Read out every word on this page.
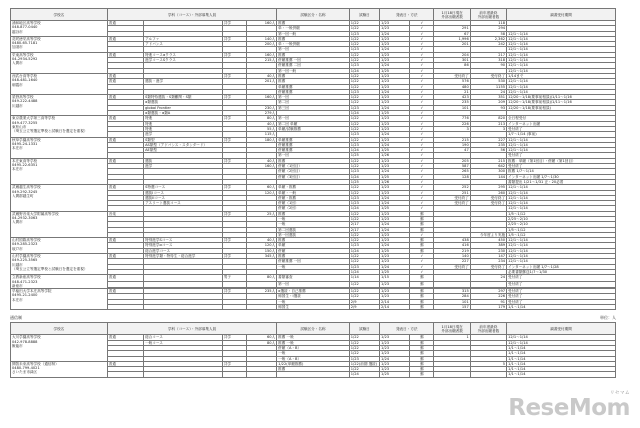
学校名	学科（コース）・外部募集人員				試験区分・名称	試験日	発表日・方法		1月18日現在
外部出願者数	前年度最終
外部出願者数	調書受付期間
浦和地区高等学校
048-877-0440
越谷市	普通		共学	160人	推薦	1/22	1/23	✓		118	
					単・一般併願	1/22	1/23	✓	291	294	
					第一回一般	1/23	1/24	✓	67	58	12/1～1/14
花咲徳栄高等学校
0480-65-7181
加須市	普通	アルファ	共学	140人	推薦	1/22	1/23	✓	1,996	2,362	12/1～1/14
		アドバンス		200人	単・一般併願	1/22	1/23	✓	201	242	12/1～1/14
					第一回	1/23	1/24	✓			12/1～1/14
栄東高等学校
04-2934-5292
入間市	普通	特進コースαクラス	共学	160人	推薦	1/22	1/23	✓	204	217	12/1～1/14
		進学コースSクラス		215人	併願推薦 一回	1/22	1/23	✓	301	318	12/1～1/14
					併願推薦 二回	1/23	1/24	✓	86	90	12/1～1/14
					第一回一般	1/24	1/25	✓			12/1～1/14
西武台高等学校
048-481-1640
朝霞市	普通		共学	40人	推薦	1/22	1/23	✓	受付終了	受付終了	1/14まで
	普通	選抜・進学		201人	推薦	1/22	1/23	✓	576	530	12/1～1/14
					単願推薦	1/22	1/23	✓	480	1155	12/1～1/14
					併願推薦	1/23	1/24	✓	21	24	12/1～1/14
星野高等学校
049-222-4488
川越市	普通	S類特待選抜・S類難関・S類	共学	160人	第一回	1/22	1/23	✓	423	351	12/20～1/18(要事前相談)/1/11～1/16
		α類選抜			第二回	1/22	1/23	✓	235	209	12/20～1/18(要事前相談)/1/11～1/16
		global Frontier		230人	第三回	1/23	1/24	✓	101	93	12/20～1/18(要事前相談)
		α類選抜・α類A		279人		1/24	1/25	✓			
東京農業大学第三高等学校
049-477-3255
東松山市
（埼玉公立等選定準校と試験日を選定を重視）	普通	特進	共学	80人	第一回	1/22	1/23	✓	776	820	全日程受付
		特進		40人	第二回 単願	1/22	1/23	✓	226	213	インターネット出願
		特進		55人	単願/試験推薦	1/22	1/23	✓	3	3	受付終了
		進学		115人		1/23	1/24	✓			1/7～1/14 (事前)
秋草学園高等学校
0495-24-1331
本庄市	普通	S類型	共学	180人	単願推薦	1/22	1/23	✓	215	227	12/1～1/14
		AS類型（アドバンス・スタンダード）			併願推薦	1/23	1/24	✓	190	235	12/1～1/14
		AE類型			併願推薦	1/24	1/25	✓	47	56	12/1～1/14
					第一回	1/25	1/26	✓			受付終了
本庄東高等学校
0495-22-6351
本庄市	普通	選抜	共学	40人	推薦	1/22	1/23	✓	205	215	推薦：単願（第1回目）・併願（第1回目）
		進学		160人	併願（1回目）	1/22	1/23	✓	587	642	受付終了
					併願（2回目）	1/23	1/24	✓	265	300	推薦 1/7～1/14
					併願（3回目）	1/24	1/25	✓	128	144	インターネット出願 1/7～1/30
						1/25	1/26	✓			書類提出 1/21～1/31 正・20必着
武蔵越生高等学校
049-292-3245
入間郡越生町	普通	S特選コース	共学	60人	単願・推薦	1/22	1/23	✓	252	295	12/1～1/14
		選抜Iコース		120人	単願・一般	1/22	1/23	✓	251	260	12/1～1/14
		選抜IIコース			併願・推薦	1/23	1/24	✓	受付終了	受付終了	12/1～1/14
		アスリート選抜コース			併願（1回）	1/23	1/24	✓	受付終了	受付終了	12/1～1/14
					併願（2回）	1/24	1/25	✓			12/1～1/14
武蔵野音楽大学附属高等学校
04-2932-3063
入間市	音楽		共学	25人	推薦	1/22	1/23	郵			1/5～1/12
					一般	1/22	1/23	郵			2/25～2/10
					一般	2/17	1/24	郵			2/25～2/10
					第二回選抜	2/17	1/24	郵			1/5～1/12
					第一回選抜	1/22	1/23	✓		今年度より実施	1/5～1/12
山村国際高等学校
049-285-2323
坂戸市	普通	特別進学Sコース	共学	40人	推薦	1/22	1/23	郵	438	450	12/1～1/14
		特別進学αコース		120人	単願	1/23	1/24	郵	416	389	12/1～1/14
		総合進学コース		150人	併願	1/24	1/25	郵	219	230	12/1～1/14
山村学園高等学校
049-225-3565
川越市
（埼玉公立等選定準校と試験日を選定を重視）	普通	特別進学類・特待生・総合進学	共学	345人	推薦	1/22	1/23	✓	140	147	12/1～1/14
					併願推薦 一回	1/22	1/23	✓	227	234	12/1～1/14
					一般	1/23	1/24	✓	受付終了	受付終了	インターネット出願 1/7～1/28
						1/24	1/25	✓			必要書類郵送1/7～1/30
立教新座高等学校
048-471-2323
新座市	普通		男子	80人	書類審査	1/14	1/15	郵		24	受付終了
					第一回	1/22	1/23	郵			受付終了

早稲田大学本庄高等学院
0495-21-2400
本庄市	普通		共学	235人	α選抜・自己推薦	1/22	1/23	郵	315	297	受付終了
					帰国生・I選抜	1/22	1/23	郵	284	226	受付終了
					一般	2/9	2/14	郵	101	91	受付終了
					帰国生	2/9	2/14	郵	157	179	1/1～1/14
通信制	単位：人
学校名	学科（コース）・外部募集人員				試験区分・名称	試験日	発表日・方法		1月18日現在
外部出願者数	前年度最終
外部出願者数	調書受付期間
大川学園高等学校
042-978-8888
飯能市	普通	総合コース	共学	60人	推薦 一般	1/22	1/23	郵	1		12/1～1/14
		一般コース		80人	推薦 一般	1/22	1/23	郵			12/1～1/14
					併願（A・B）	1/22	1/23	郵			1/1～1/14
					一般	1/22	1/23	郵			1/1～1/14
					一般（A・B）	1/23	1/24	郵			1/1～1/14
開智未来高等学校（通信制）
0480-799-4021
さいたま市緑区	普通		共学		1/22(単願推薦)	1/22(前期 選抜)	1/23	郵		5	1/1～1/14
					推薦	1/22	1/23	郵			1/1～1/14
						1/24	1/25	郵			1/1～1/14
リセマム
ReseMom
